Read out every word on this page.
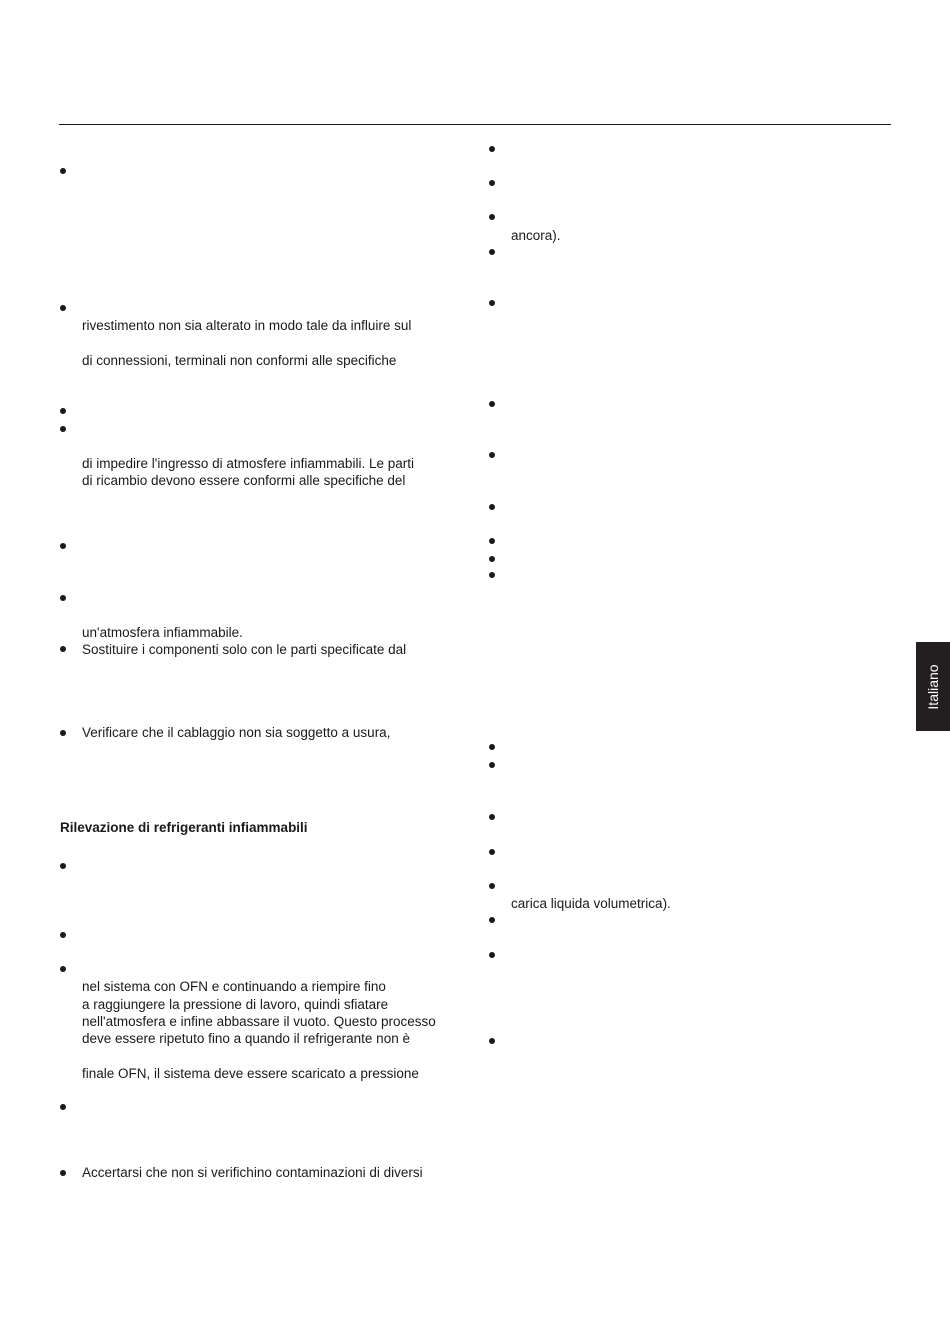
rivestimento non sia alterato in modo tale da influire sul
di connessioni, terminali non conformi alle specifiche
di impedire l'ingresso di atmosfere infiammabili. Le parti
di ricambio devono essere conformi alle specifiche del
un'atmosfera infiammabile.
Sostituire i componenti solo con le parti specificate dal
Verificare che il cablaggio non sia soggetto a usura,
Rilevazione di refrigeranti infiammabili
nel sistema con OFN e continuando a riempire fino
a raggiungere la pressione di lavoro, quindi sfiatare
nell'atmosfera e infine abbassare il vuoto. Questo processo
deve essere ripetuto fino a quando il refrigerante non è
finale OFN, il sistema deve essere scaricato a pressione
Accertarsi che non si verifichino contaminazioni di diversi
ancora).
carica liquida volumetrica).
Italiano
